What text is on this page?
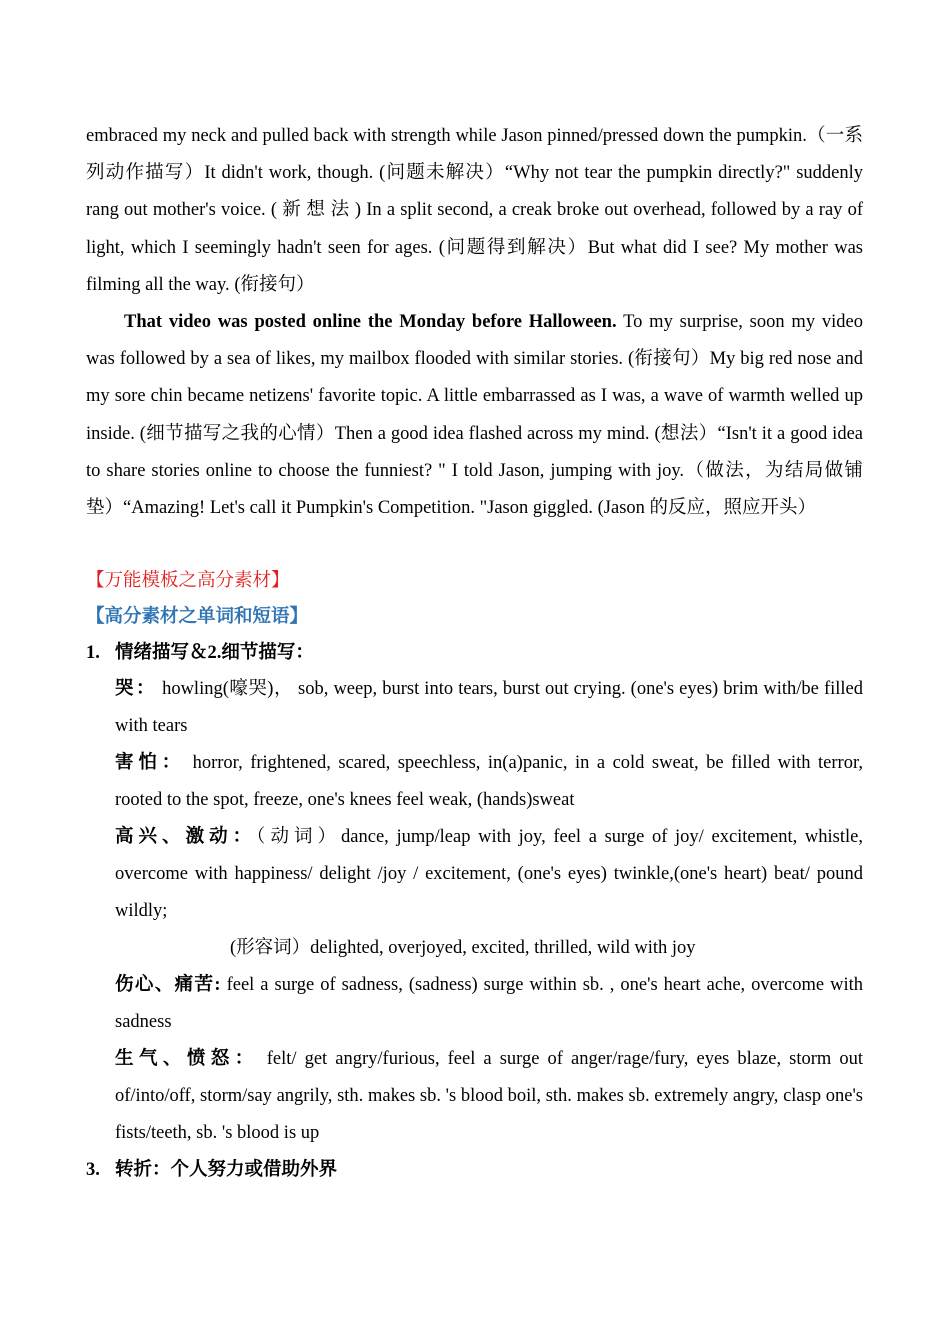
embraced my neck and pulled back with strength while Jason pinned/pressed down the pumpkin.（一系列动作描写）It didn't work, though. (问题未解决）“Why not tear the pumpkin directly?" suddenly rang out mother's voice. ( 新 想 法 ) In a split second, a creak broke out overhead, followed by a ray of light, which I seemingly hadn't seen for ages. (问题得到解决）But what did I see? My mother was filming all the way. (衔接句）

That video was posted online the Monday before Halloween. To my surprise, soon my video was followed by a sea of likes, my mailbox flooded with similar stories. (衔接句）My big red nose and my sore chin became netizens' favorite topic. A little embarrassed as I was, a wave of warmth welled up inside. (细节描写之我的心情）Then a good idea flashed across my mind. (想法）“Isn't it a good idea to share stories online to choose the funniest? " I told Jason, jumping with joy.（做法，为结局做铺垫）“Amazing! Let's call it Pumpkin's Competition. "Jason giggled. (Jason 的反应，照应开头）

【万能模板之高分素材】
【高分素材之单词和短语】
1. 情绪描写＆2.细节描写：

哭： howling(嚎哭)， sob, weep, burst into tears, burst out crying. (one's eyes) brim with/be filled with tears

害怕： horror, frightened, scared, speechless, in(a)panic, in a cold sweat, be filled with terror, rooted to the spot, freeze, one's knees feel weak, (hands)sweat

高兴、激动：（动词）dance, jump/leap with joy, feel a surge of joy/ excitement, whistle, overcome with happiness/ delight /joy / excitement, (one's eyes) twinkle,(one's heart) beat/ pound wildly;

(形容词）delighted, overjoyed, excited, thrilled, wild with joy

伤心、痛苦: feel a surge of sadness, (sadness) surge within sb. , one's heart ache, overcome with sadness

生气、愤怒： felt/ get angry/furious, feel a surge of anger/rage/fury, eyes blaze, storm out of/into/off, storm/say angrily, sth. makes sb. 's blood boil, sth. makes sb. extremely angry, clasp one's fists/teeth, sb. 's blood is up

3. 转折：个人努力或借助外界
